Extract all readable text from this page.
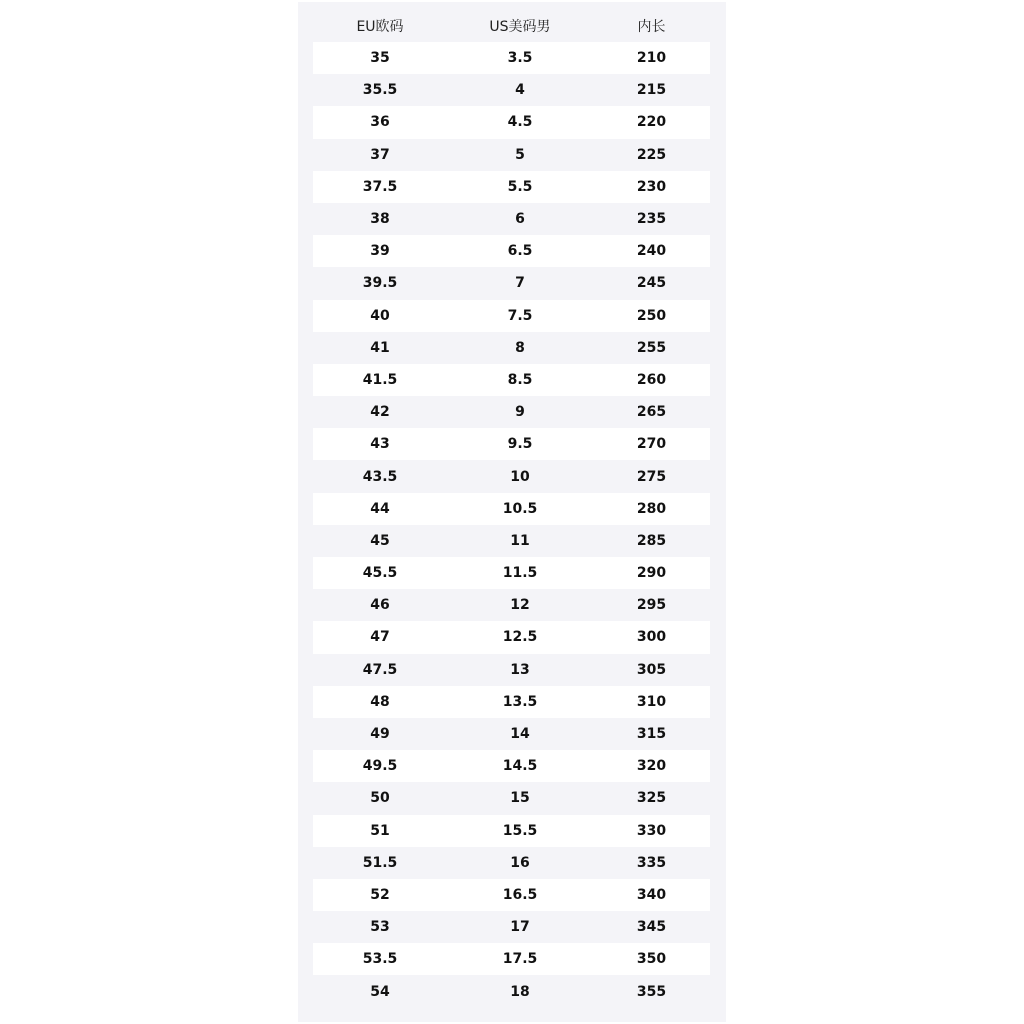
EU欧码	US美码男	内长
35	3.5	210
35.5	4	215
36	4.5	220
37	5	225
37.5	5.5	230
38	6	235
39	6.5	240
39.5	7	245
40	7.5	250
41	8	255
41.5	8.5	260
42	9	265
43	9.5	270
43.5	10	275
44	10.5	280
45	11	285
45.5	11.5	290
46	12	295
47	12.5	300
47.5	13	305
48	13.5	310
49	14	315
49.5	14.5	320
50	15	325
51	15.5	330
51.5	16	335
52	16.5	340
53	17	345
53.5	17.5	350
54	18	355
